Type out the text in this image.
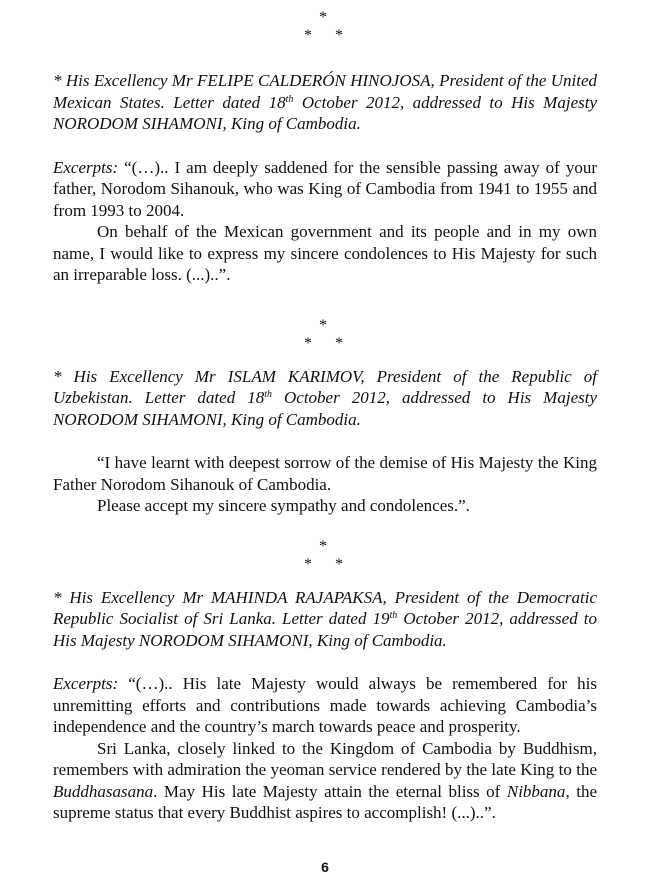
*
* *

* His Excellency Mr FELIPE CALDERÓN HINOJOSA, President of the United Mexican States. Letter dated 18th October 2012, addressed to His Majesty NORODOM SIHAMONI, King of Cambodia.

Excerpts: “(…).. I am deeply saddened for the sensible passing away of your father, Norodom Sihanouk, who was King of Cambodia from 1941 to 1955 and from 1993 to 2004.

On behalf of the Mexican government and its people and in my own name, I would like to express my sincere condolences to His Majesty for such an irreparable loss. (...)..”.

*
* *

* His Excellency Mr ISLAM KARIMOV, President of the Republic of Uzbekistan. Letter dated 18th October 2012, addressed to His Majesty NORODOM SIHAMONI, King of Cambodia.

“I have learnt with deepest sorrow of the demise of His Majesty the King Father Norodom Sihanouk of Cambodia.

Please accept my sincere sympathy and condolences.”.

*
* *

* His Excellency Mr MAHINDA RAJAPAKSA, President of the Democratic Republic Socialist of Sri Lanka. Letter dated 19th October 2012, addressed to His Majesty NORODOM SIHAMONI, King of Cambodia.

Excerpts: “(…).. His late Majesty would always be remembered for his unremitting efforts and contributions made towards achieving Cambodia’s independence and the country’s march towards peace and prosperity.

Sri Lanka, closely linked to the Kingdom of Cambodia by Buddhism, remembers with admiration the yeoman service rendered by the late King to the Buddhasasana. May His late Majesty attain the eternal bliss of Nibbana, the supreme status that every Buddhist aspires to accomplish! (...)..”.

6
